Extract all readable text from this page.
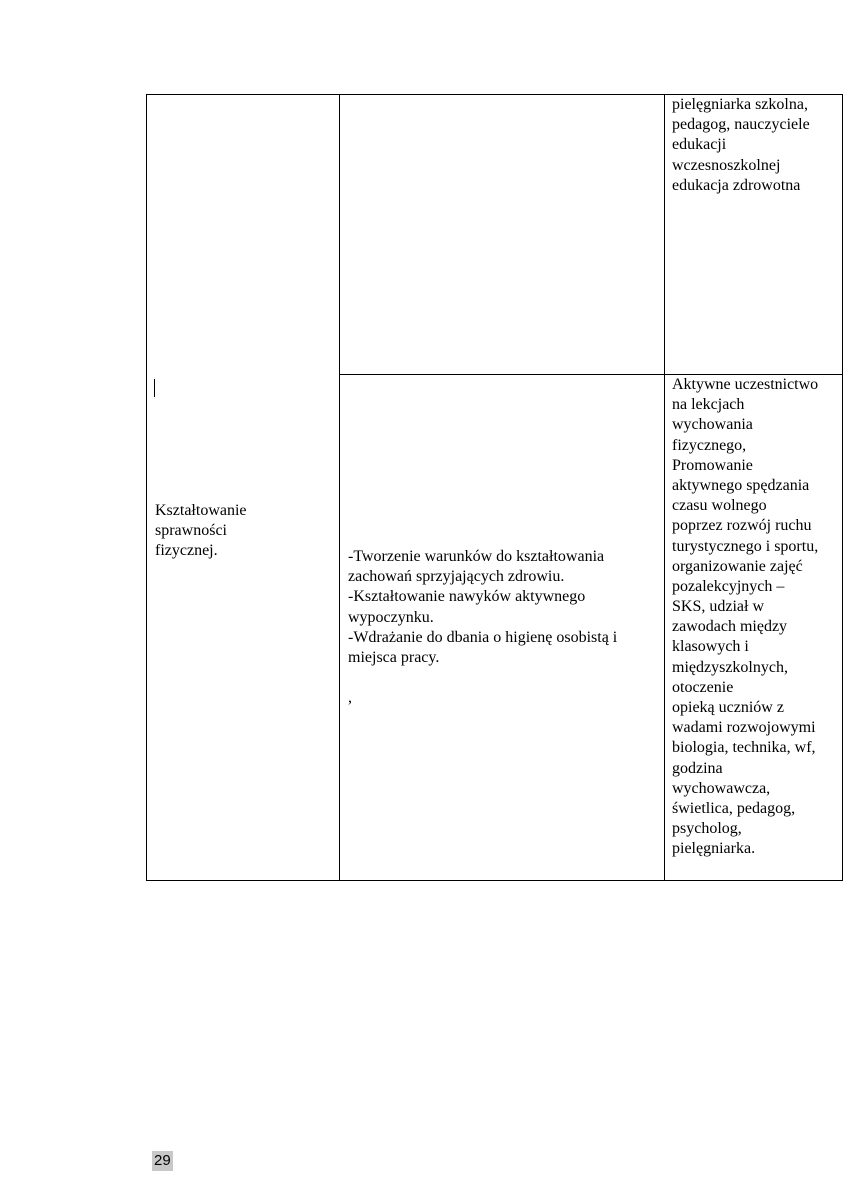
pielęgniarka szkolna,
pedagog, nauczyciele
edukacji
wczesnoszkolnej
edukacja zdrowotna
Kształtowanie
sprawności
fizycznej.	-Tworzenie warunków do kształtowania
zachowań sprzyjających zdrowiu.
-Kształtowanie nawyków aktywnego
wypoczynku.
-Wdrażanie do dbania o higienę osobistą i
miejsca pracy.
,
Aktywne uczestnictwo
na lekcjach
wychowania
fizycznego,
Promowanie
aktywnego spędzania
czasu wolnego
poprzez rozwój ruchu
turystycznego i sportu,
organizowanie zajęć
pozalekcyjnych –
SKS, udział w
zawodach między
klasowych i
międzyszkolnych,
otoczenie
opieką uczniów z
wadami rozwojowymi
biologia, technika, wf,
godzina
wychowawcza,
świetlica, pedagog,
psycholog,
pielęgniarka.
29
